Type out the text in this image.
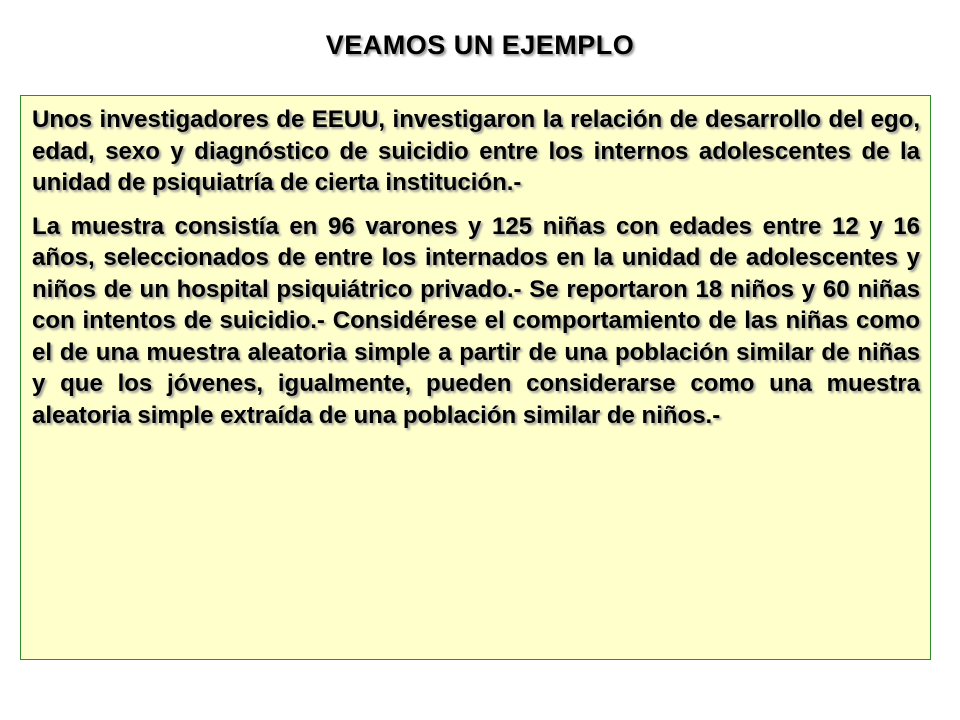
VEAMOS UN EJEMPLO

Unos investigadores de EEUU, investigaron la relación de desarrollo del ego, edad, sexo y diagnóstico de suicidio entre los internos adolescentes de la unidad de psiquiatría de cierta institución.-

La muestra consistía en 96 varones y 125 niñas con edades entre 12 y 16 años, seleccionados de entre los internados en la unidad de adolescentes y niños de un hospital psiquiátrico privado.- Se reportaron 18 niños y 60 niñas con intentos de suicidio.- Considérese el comportamiento de las niñas como el de una muestra aleatoria simple a partir de una población similar de niñas y que los jóvenes, igualmente, pueden considerarse como una muestra aleatoria simple extraída de una población similar de niños.-
